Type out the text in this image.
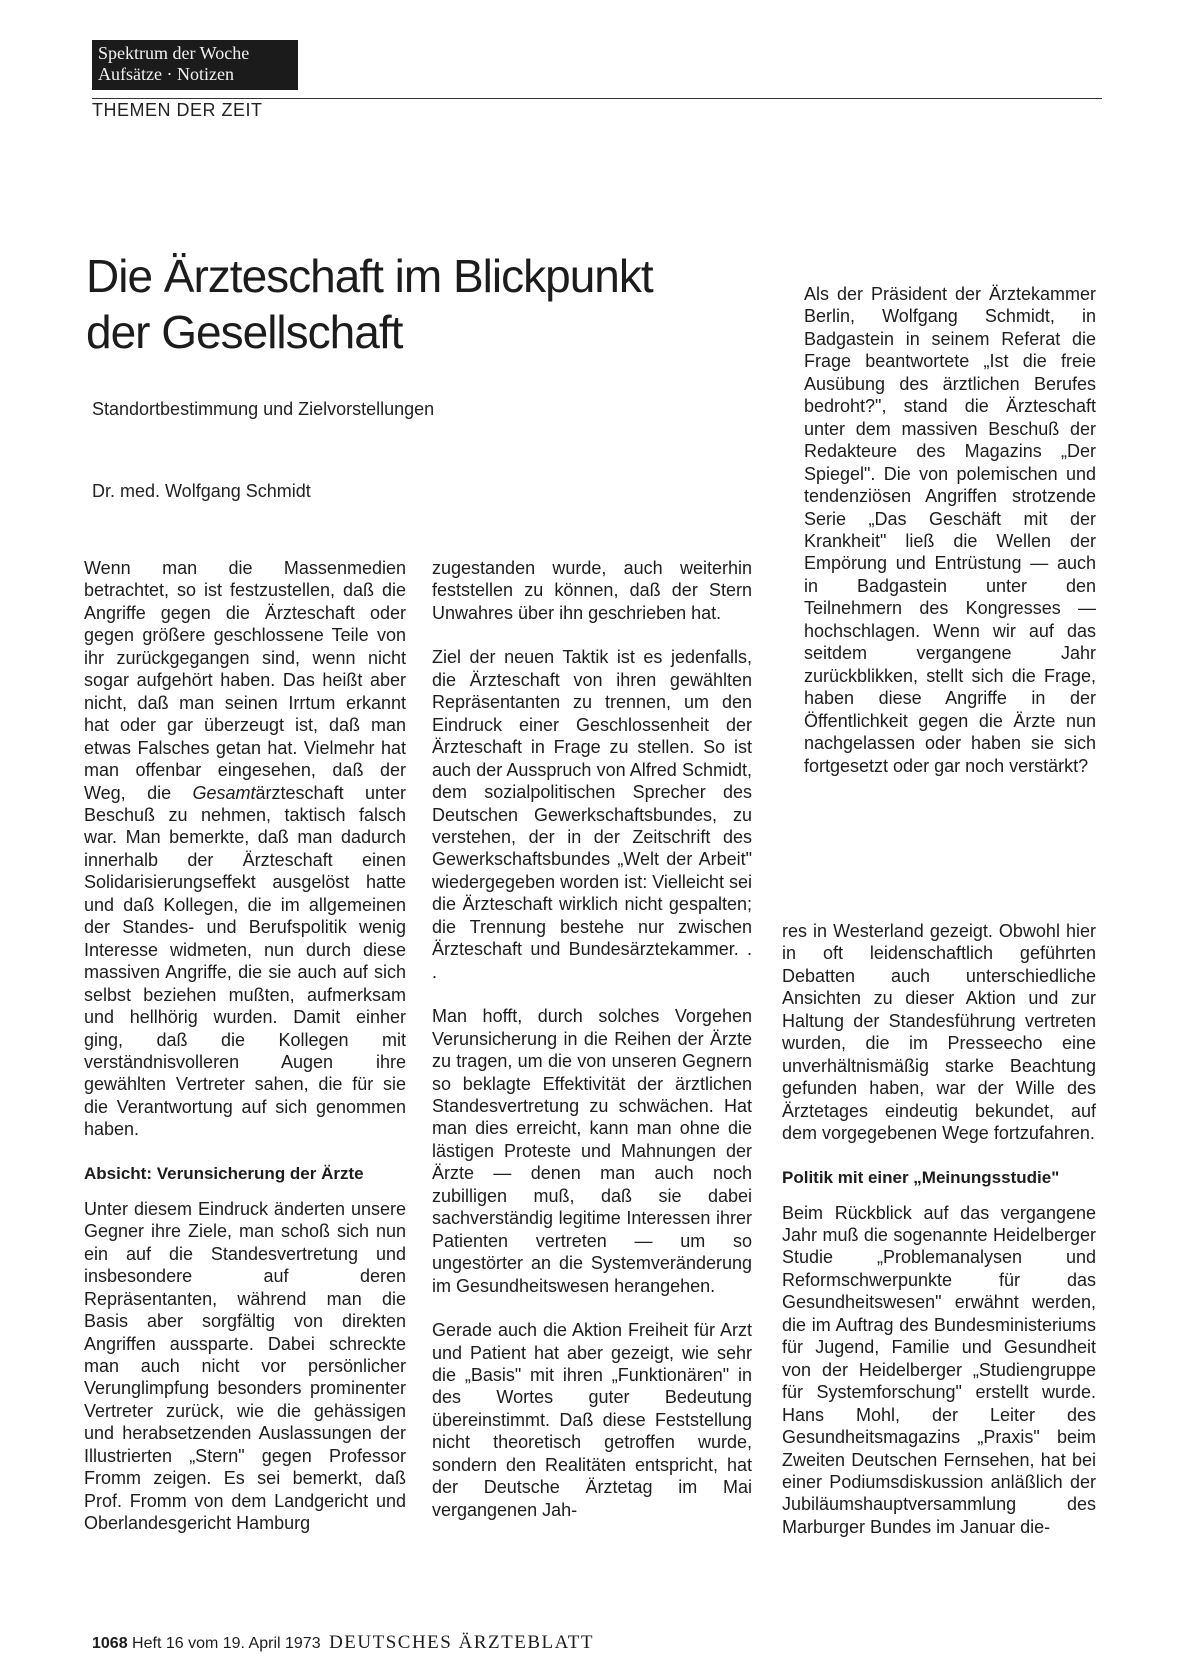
Spektrum der Woche
Aufsätze · Notizen
THEMEN DER ZEIT
Die Ärzteschaft im Blickpunkt
der Gesellschaft
Standortbestimmung und Zielvorstellungen
Dr. med. Wolfgang Schmidt

Wenn man die Massenmedien betrachtet, so ist festzustellen, daß die Angriffe gegen die Ärzteschaft oder gegen größere geschlossene Teile von ihr zurückgegangen sind, wenn nicht sogar aufgehört haben. Das heißt aber nicht, daß man seinen Irrtum erkannt hat oder gar überzeugt ist, daß man etwas Falsches getan hat. Vielmehr hat man offenbar eingesehen, daß der Weg, die Gesamtärzteschaft unter Beschuß zu nehmen, taktisch falsch war. Man bemerkte, daß man dadurch innerhalb der Ärzteschaft einen Solidarisierungseffekt ausgelöst hatte und daß Kollegen, die im allgemeinen der Standes- und Berufspolitik wenig Interesse widmeten, nun durch diese massiven Angriffe, die sie auch auf sich selbst beziehen mußten, aufmerksam und hellhörig wurden. Damit einher ging, daß die Kollegen mit verständnisvolleren Augen ihre gewählten Vertreter sahen, die für sie die Verantwortung auf sich genommen haben.

Absicht: Verunsicherung der Ärzte

Unter diesem Eindruck änderten unsere Gegner ihre Ziele, man schoß sich nun ein auf die Standesvertretung und insbesondere auf deren Repräsentanten, während man die Basis aber sorgfältig von direkten Angriffen aussparte. Dabei schreckte man auch nicht vor persönlicher Verunglimpfung besonders prominenter Vertreter zurück, wie die gehässigen und herabsetzenden Auslassungen der Illustrierten „Stern" gegen Professor Fromm zeigen. Es sei bemerkt, daß Prof. Fromm von dem Landgericht und Oberlandesgericht Hamburg

zugestanden wurde, auch weiterhin feststellen zu können, daß der Stern Unwahres über ihn geschrieben hat.

Ziel der neuen Taktik ist es jedenfalls, die Ärzteschaft von ihren gewählten Repräsentanten zu trennen, um den Eindruck einer Geschlossenheit der Ärzteschaft in Frage zu stellen. So ist auch der Ausspruch von Alfred Schmidt, dem sozialpolitischen Sprecher des Deutschen Gewerkschaftsbundes, zu verstehen, der in der Zeitschrift des Gewerkschaftsbundes „Welt der Arbeit" wiedergegeben worden ist: Vielleicht sei die Ärzteschaft wirklich nicht gespalten; die Trennung bestehe nur zwischen Ärzteschaft und Bundesärztekammer. . .

Man hofft, durch solches Vorgehen Verunsicherung in die Reihen der Ärzte zu tragen, um die von unseren Gegnern so beklagte Effektivität der ärztlichen Standesvertretung zu schwächen. Hat man dies erreicht, kann man ohne die lästigen Proteste und Mahnungen der Ärzte — denen man auch noch zubilligen muß, daß sie dabei sachverständig legitime Interessen ihrer Patienten vertreten — um so ungestörter an die Systemveränderung im Gesundheitswesen herangehen.

Gerade auch die Aktion Freiheit für Arzt und Patient hat aber gezeigt, wie sehr die „Basis" mit ihren „Funktionären" in des Wortes guter Bedeutung übereinstimmt. Daß diese Feststellung nicht theoretisch getroffen wurde, sondern den Realitäten entspricht, hat der Deutsche Ärztetag im Mai vergangenen Jah-

Als der Präsident der Ärztekammer Berlin, Wolfgang Schmidt, in Badgastein in seinem Referat die Frage beantwortete „Ist die freie Ausübung des ärztlichen Berufes bedroht?", stand die Ärzteschaft unter dem massiven Beschuß der Redakteure des Magazins „Der Spiegel". Die von polemischen und tendenziösen Angriffen strotzende Serie „Das Geschäft mit der Krankheit" ließ die Wellen der Empörung und Entrüstung — auch in Badgastein unter den Teilnehmern des Kongresses — hochschlagen. Wenn wir auf das seitdem vergangene Jahr zurückblikken, stellt sich die Frage, haben diese Angriffe in der Öffentlichkeit gegen die Ärzte nun nachgelassen oder haben sie sich fortgesetzt oder gar noch verstärkt?

res in Westerland gezeigt. Obwohl hier in oft leidenschaftlich geführten Debatten auch unterschiedliche Ansichten zu dieser Aktion und zur Haltung der Standesführung vertreten wurden, die im Presseecho eine unverhältnismäßig starke Beachtung gefunden haben, war der Wille des Ärztetages eindeutig bekundet, auf dem vorgegebenen Wege fortzufahren.

Politik mit einer „Meinungsstudie"

Beim Rückblick auf das vergangene Jahr muß die sogenannte Heidelberger Studie „Problemanalysen und Reformschwerpunkte für das Gesundheitswesen" erwähnt werden, die im Auftrag des Bundesministeriums für Jugend, Familie und Gesundheit von der Heidelberger „Studiengruppe für Systemforschung" erstellt wurde. Hans Mohl, der Leiter des Gesundheitsmagazins „Praxis" beim Zweiten Deutschen Fernsehen, hat bei einer Podiumsdiskussion anläßlich der Jubiläumshauptversammlung des Marburger Bundes im Januar die-

1068 Heft 16 vom 19. April 1973 DEUTSCHES ÄRZTEBLATT
